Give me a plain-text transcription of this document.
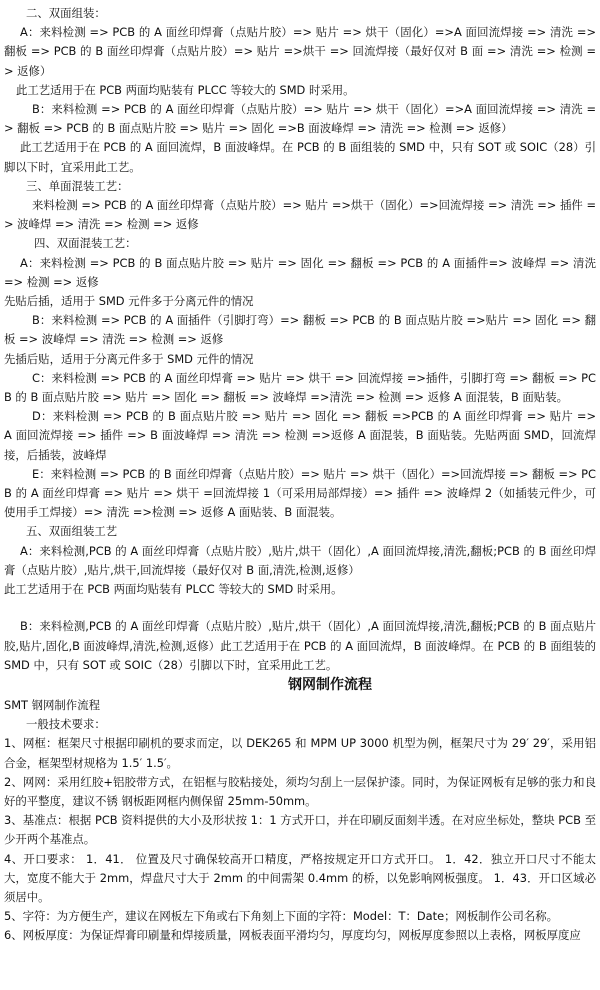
二、双面组装：

A：来料检测 => PCB 的 A 面丝印焊膏（点贴片胶）=> 贴片 => 烘干（固化）=>A 面回流焊接 => 清洗 => 翻板 => PCB 的 B 面丝印焊膏（点贴片胶）=> 贴片 =>烘干 => 回流焊接（最好仅对 B 面 => 清洗 => 检测 => 返修）

此工艺适用于在 PCB 两面均贴装有 PLCC 等较大的 SMD 时采用。

B：来料检测 => PCB 的 A 面丝印焊膏（点贴片胶）=> 贴片 => 烘干（固化）=>A 面回流焊接 => 清洗 => 翻板 => PCB 的 B 面点贴片胶 => 贴片 => 固化 =>B 面波峰焊 => 清洗 => 检测 => 返修）

此工艺适用于在 PCB 的 A 面回流焊，B 面波峰焊。在 PCB 的 B 面组装的 SMD 中，只有 SOT 或 SOIC（28）引脚以下时，宜采用此工艺。

三、单面混装工艺：

来料检测 => PCB 的 A 面丝印焊膏（点贴片胶）=> 贴片 =>烘干（固化）=>回流焊接 => 清洗 => 插件 => 波峰焊 => 清洗 => 检测 => 返修

四、双面混装工艺：

A：来料检测 => PCB 的 B 面点贴片胶 => 贴片 => 固化 => 翻板 => PCB 的 A 面插件=> 波峰焊 => 清洗 => 检测 => 返修

先贴后插，适用于 SMD 元件多于分离元件的情况

B：来料检测 => PCB 的 A 面插件（引脚打弯）=> 翻板 => PCB 的 B 面点贴片胶 =>贴片 => 固化 => 翻板 => 波峰焊 => 清洗 => 检测 => 返修

先插后贴，适用于分离元件多于 SMD 元件的情况

C：来料检测 => PCB 的 A 面丝印焊膏 => 贴片 => 烘干 => 回流焊接 =>插件，引脚打弯 => 翻板 => PCB 的 B 面点贴片胶 => 贴片 => 固化 => 翻板 => 波峰焊 =>清洗 => 检测 => 返修 A 面混装，B 面贴装。

D：来料检测 => PCB 的 B 面点贴片胶 => 贴片 => 固化 => 翻板 =>PCB 的 A 面丝印焊膏 => 贴片 => A 面回流焊接 => 插件 => B 面波峰焊 => 清洗 => 检测 =>返修 A 面混装，B 面贴装。先贴两面 SMD，回流焊接，后插装，波峰焊

E：来料检测 => PCB 的 B 面丝印焊膏（点贴片胶）=> 贴片 => 烘干（固化）=>回流焊接 => 翻板 => PCB 的 A 面丝印焊膏 => 贴片 => 烘干 =回流焊接 1（可采用局部焊接）=> 插件 => 波峰焊 2（如插装元件少，可使用手工焊接）=> 清洗 =>检测 => 返修 A 面贴装、B 面混装。

五、双面组装工艺

A：来料检测,PCB 的 A 面丝印焊膏（点贴片胶）,贴片,烘干（固化）,A 面回流焊接,清洗,翻板;PCB 的 B 面丝印焊膏（点贴片胶）,贴片,烘干,回流焊接（最好仅对 B 面,清洗,检测,返修）

此工艺适用于在 PCB 两面均贴装有 PLCC 等较大的 SMD 时采用。

B：来料检测,PCB 的 A 面丝印焊膏（点贴片胶）,贴片,烘干（固化）,A 面回流焊接,清洗,翻板;PCB 的 B 面点贴片胶,贴片,固化,B 面波峰焊,清洗,检测,返修）此工艺适用于在 PCB 的 A 面回流焊，B 面波峰焊。在 PCB 的 B 面组装的 SMD 中，只有 SOT 或 SOIC（28）引脚以下时，宜采用此工艺。

钢网制作流程

SMT 钢网制作流程

一般技术要求：

1、网框：框架尺寸根据印刷机的要求而定，以 DEK265 和 MPM UP 3000 机型为例，框架尺寸为 29′ 29′，采用铝合金，框架型材规格为 1.5′ 1.5′。

2、网网：采用红胶+铝胶带方式，在铝框与胶粘接处，须均匀刮上一层保护漆。同时，为保证网板有足够的张力和良好的平整度，建议不锈 钢板距网框内侧保留 25mm-50mm。

3、基准点：根据 PCB 资料提供的大小及形状按 1：1 方式开口，并在印刷反面刻半透。在对应坐标处，整块 PCB 至少开两个基准点。

4、开口要求： 1．41． 位置及尺寸确保较高开口精度，严格按规定开口方式开口。 1．42．独立开口尺寸不能太大，宽度不能大于 2mm，焊盘尺寸大于 2mm 的中间需架 0.4mm 的桥，以免影响网板强度。 1．43．开口区域必须居中。

5、字符：为方便生产，建议在网板左下角或右下角刻上下面的字符：Model：T：Date；网板制作公司名称。

6、网板厚度：为保证焊膏印刷量和焊接质量，网板表面平滑均匀，厚度均匀，网板厚度参照以上表格，网板厚度应
